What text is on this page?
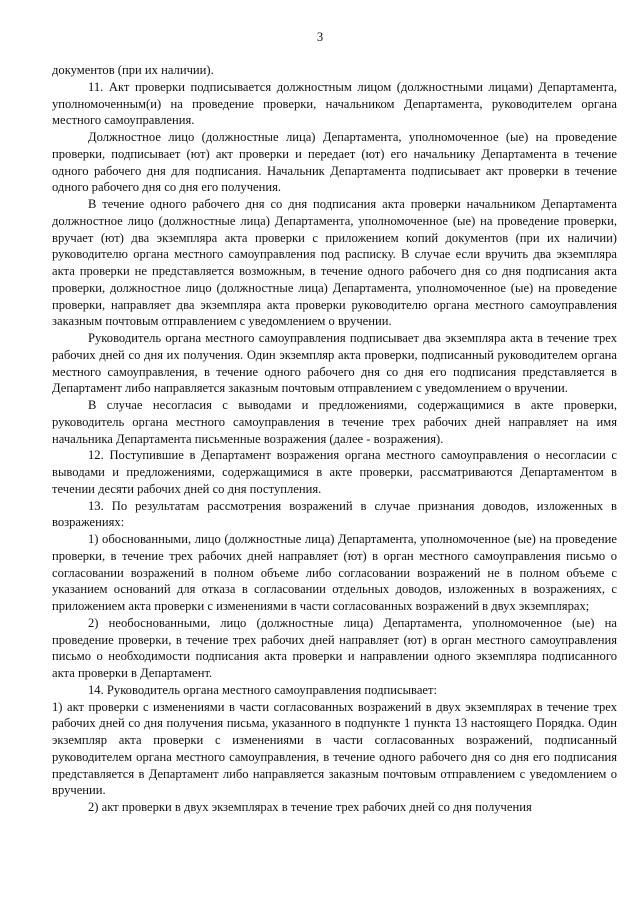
3

документов (при их наличии).

11. Акт проверки подписывается должностным лицом (должностными лицами) Департамента, уполномоченным(и) на проведение проверки, начальником Департамента, руководителем органа местного самоуправления.

Должностное лицо (должностные лица) Департамента, уполномоченное (ые) на проведение проверки, подписывает (ют) акт проверки и передает (ют) его начальнику Департамента в течение одного рабочего дня для подписания. Начальник Департамента подписывает акт проверки в течение одного рабочего дня со дня его получения.

В течение одного рабочего дня со дня подписания акта проверки начальником Департамента должностное лицо (должностные лица) Департамента, уполномоченное (ые) на проведение проверки, вручает (ют) два экземпляра акта проверки с приложением копий документов (при их наличии) руководителю органа местного самоуправления под расписку. В случае если вручить два экземпляра акта проверки не представляется возможным, в течение одного рабочего дня со дня подписания акта проверки, должностное лицо (должностные лица) Департамента, уполномоченное (ые) на проведение проверки, направляет два экземпляра акта проверки руководителю органа местного самоуправления заказным почтовым отправлением с уведомлением о вручении.

Руководитель органа местного самоуправления подписывает два экземпляра акта в течение трех рабочих дней со дня их получения. Один экземпляр акта проверки, подписанный руководителем органа местного самоуправления, в течение одного рабочего дня со дня его подписания представляется в Департамент либо направляется заказным почтовым отправлением с уведомлением о вручении.

В случае несогласия с выводами и предложениями, содержащимися в акте проверки, руководитель органа местного самоуправления в течение трех рабочих дней направляет на имя начальника Департамента письменные возражения (далее - возражения).

12. Поступившие в Департамент возражения органа местного самоуправления о несогласии с выводами и предложениями, содержащимися в акте проверки, рассматриваются Департаментом в течении десяти рабочих дней со дня поступления.

13. По результатам рассмотрения возражений в случае признания доводов, изложенных в возражениях:

1) обоснованными, лицо (должностные лица) Департамента, уполномоченное (ые) на проведение проверки, в течение трех рабочих дней направляет (ют) в орган местного самоуправления письмо о согласовании возражений в полном объеме либо согласовании возражений не в полном объеме с указанием оснований для отказа в согласовании отдельных доводов, изложенных в возражениях, с приложением акта проверки с изменениями в части согласованных возражений в двух экземплярах;

2) необоснованными, лицо (должностные лица) Департамента, уполномоченное (ые) на проведение проверки, в течение трех рабочих дней направляет (ют) в орган местного самоуправления письмо о необходимости подписания акта проверки и направлении одного экземпляра подписанного акта проверки в Департамент.

14. Руководитель органа местного самоуправления подписывает:

1) акт проверки с изменениями в части согласованных возражений в двух экземплярах в течение трех рабочих дней со дня получения письма, указанного в подпункте 1 пункта 13 настоящего Порядка. Один экземпляр акта проверки с изменениями в части согласованных возражений, подписанный руководителем органа местного самоуправления, в течение одного рабочего дня со дня его подписания представляется в Департамент либо направляется заказным почтовым отправлением с уведомлением о вручении.

2) акт проверки в двух экземплярах в течение трех рабочих дней со дня получения
